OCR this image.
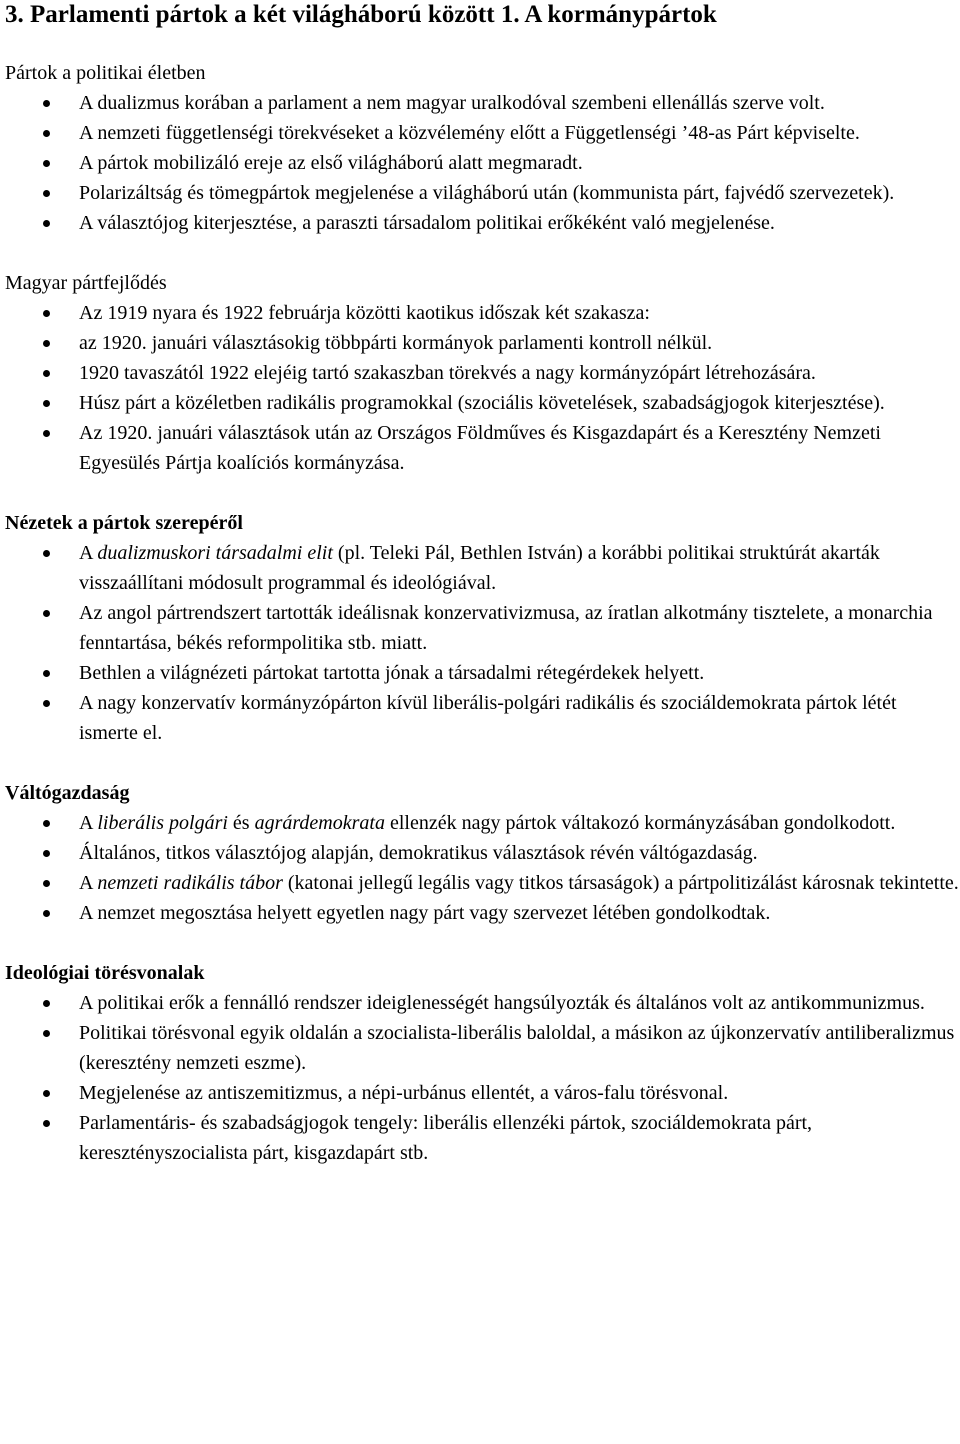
3. Parlamenti pártok a két világháború között 1. A kormánypártok
Pártok a politikai életben
A dualizmus korában a parlament a nem magyar uralkodóval szembeni ellenállás szerve volt.
A nemzeti függetlenségi törekvéseket a közvélemény előtt a Függetlenségi ’48-as Párt képviselte.
A pártok mobilizáló ereje az első világháború alatt megmaradt.
Polarizáltság és tömegpártok megjelenése a világháború után (kommunista párt, fajvédő szervezetek).
A választójog kiterjesztése, a paraszti társadalom politikai erőkéként való megjelenése.
Magyar pártfejlődés
Az 1919 nyara és 1922 februárja közötti kaotikus időszak két szakasza:
az 1920. januári választásokig többpárti kormányok parlamenti kontroll nélkül.
1920 tavaszától 1922 elejéig tartó szakaszban törekvés a nagy kormányzópárt létrehozására.
Húsz párt a közéletben radikális programokkal (szociális követelések, szabadságjogok kiterjesztése).
Az 1920. januári választások után az Országos Földműves és Kisgazdapárt és a Keresztény Nemzeti Egyesülés Pártja koalíciós kormányzása.
Nézetek a pártok szerepéről
A dualizmuskori társadalmi elit (pl. Teleki Pál, Bethlen István) a korábbi politikai struktúrát akarták visszaállítani módosult programmal és ideológiával.
Az angol pártrendszert tartották ideálisnak konzervativizmusa, az íratlan alkotmány tisztelete, a monarchia fenntartása, békés reformpolitika stb. miatt.
Bethlen a világnézeti pártokat tartotta jónak a társadalmi rétegérdekek helyett.
A nagy konzervatív kormányzópárton kívül liberális-polgári radikális és szociáldemokrata pártok létét ismerte el.
Váltógazdaság
A liberális polgári és agrárdemokrata ellenzék nagy pártok váltakozó kormányzásában gondolkodott.
Általános, titkos választójog alapján, demokratikus választások révén váltógazdaság.
A nemzeti radikális tábor (katonai jellegű legális vagy titkos társaságok) a pártpolitizálást károsnak tekintette.
A nemzet megosztása helyett egyetlen nagy párt vagy szervezet létében gondolkodtak.
Ideológiai törésvonalak
A politikai erők a fennálló rendszer ideiglenességét hangsúlyozták és általános volt az antikommunizmus.
Politikai törésvonal egyik oldalán a szocialista-liberális baloldal, a másikon az újkonzervatív antiliberalizmus (keresztény nemzeti eszme).
Megjelenése az antiszemitizmus, a népi-urbánus ellentét, a város-falu törésvonal.
Parlamentáris- és szabadságjogok tengely: liberális ellenzéki pártok, szociáldemokrata párt, keresztényszocialista párt, kisgazdapárt stb.
